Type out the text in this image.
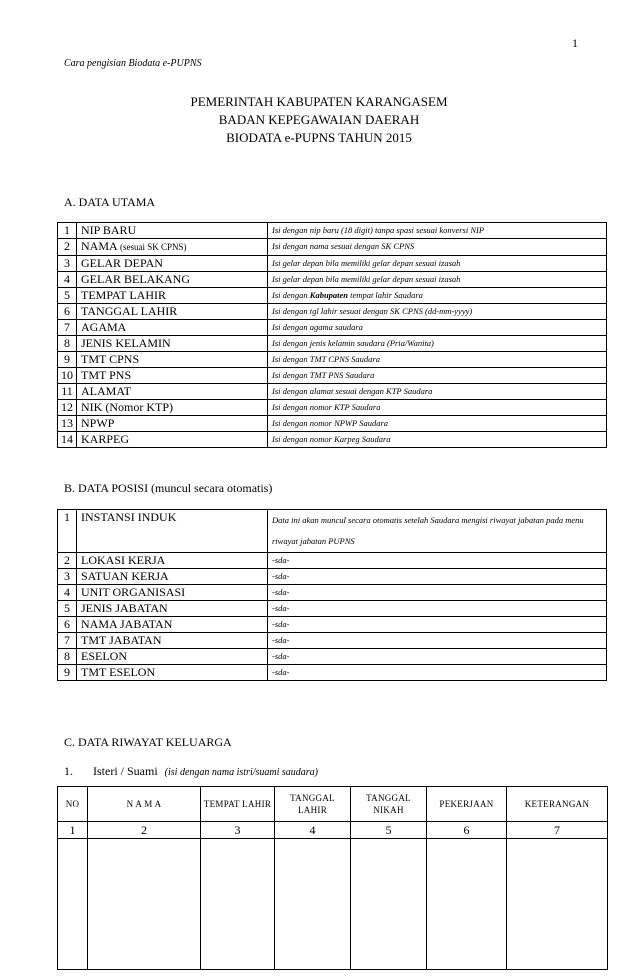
1
Cara pengisian Biodata e-PUPNS
PEMERINTAH KABUPATEN KARANGASEM
BADAN KEPEGAWAIAN DAERAH
BIODATA e-PUPNS TAHUN 2015
A. DATA UTAMA
1	NIP BARU	Isi dengan nip baru (18 digit) tanpa spasi sesuai konversi NIP
2	NAMA (sesuai SK CPNS)	Isi dengan nama sesuai dengan SK CPNS
3	GELAR DEPAN	Isi gelar depan bila memiliki gelar depan sesuai izasah
4	GELAR BELAKANG	Isi gelar depan bila memiliki gelar depan sesuai izasah
5	TEMPAT LAHIR	Isi dengan Kabupaten tempat lahir Saudara
6	TANGGAL LAHIR	Isi dengan tgl lahir sesuai dengan SK CPNS (dd-mm-yyyy)
7	AGAMA	Isi dengan agama saudara
8	JENIS KELAMIN	Isi dengan jenis kelamin saudara (Pria/Wanita)
9	TMT CPNS	Isi dengan TMT CPNS Saudara
10	TMT PNS	Isi dengan TMT PNS Saudara
11	ALAMAT	Isi dengan alamat sesuai dengan KTP Saudara
12	NIK (Nomor KTP)	Isi dengan nomor KTP Saudara
13	NPWP	Isi dengan nomor NPWP Saudara
14	KARPEG	Isi dengan nomor Karpeg Saudara
B. DATA POSISI (muncul secara otomatis)
1	INSTANSI INDUK	Data ini akan muncul secara otomatis setelah Saudara mengisi riwayat jabatan pada menu riwayat jabatan PUPNS
2	LOKASI KERJA	-sda-
3	SATUAN KERJA	-sda-
4	UNIT ORGANISASI	-sda-
5	JENIS JABATAN	-sda-
6	NAMA JABATAN	-sda-
7	TMT JABATAN	-sda-
8	ESELON	-sda-
9	TMT ESELON	-sda-
C. DATA RIWAYAT KELUARGA
1. Isteri / Suami (isi dengan nama istri/suami saudara)
NO	N A M A	TEMPAT LAHIR	TANGGAL LAHIR	TANGGAL NIKAH	PEKERJAAN	KETERANGAN
1	2	3	4	5	6	7
